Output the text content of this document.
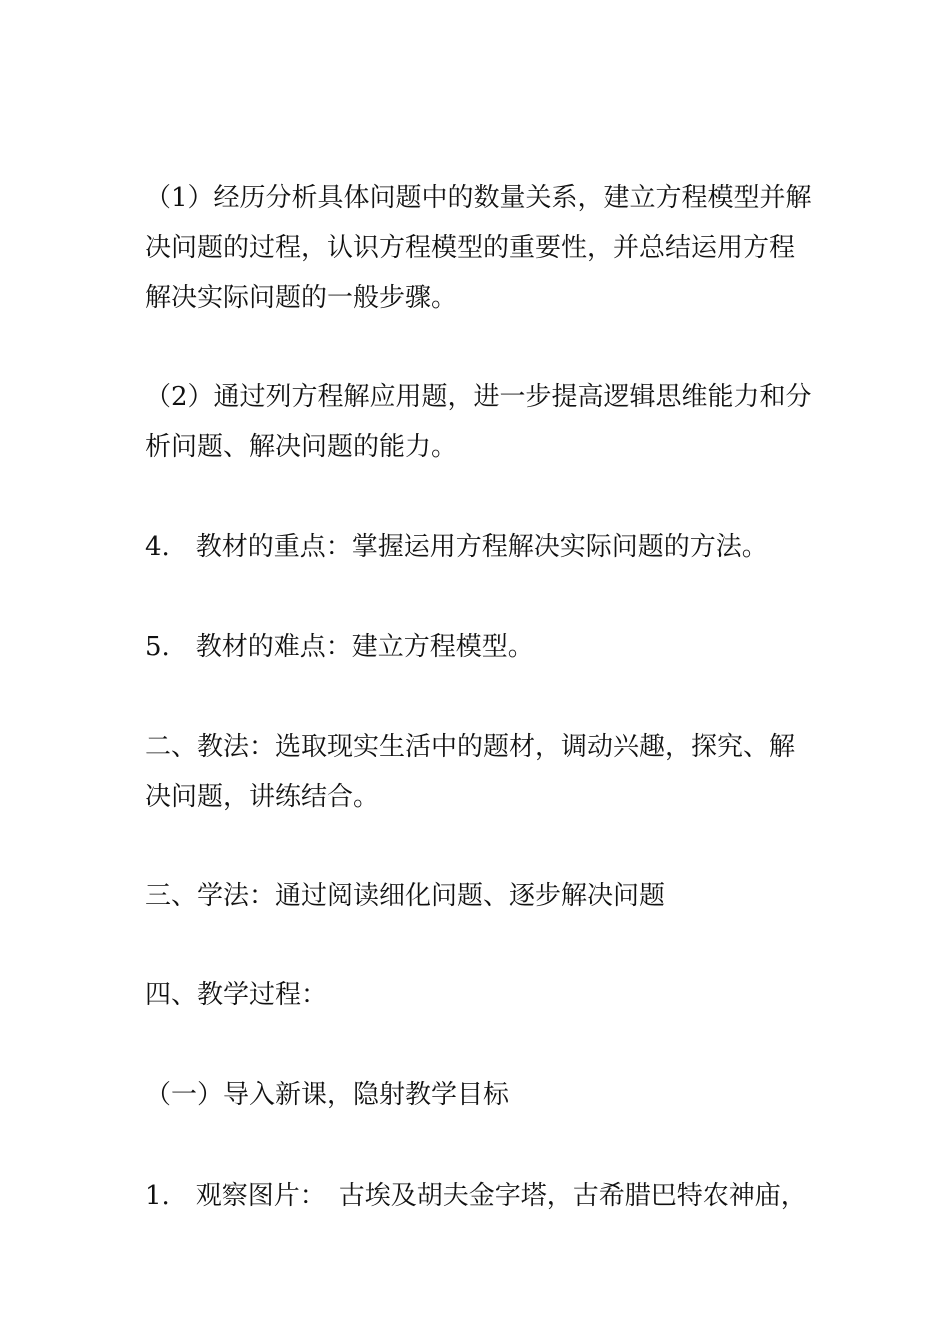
（1）经历分析具体问题中的数量关系，建立方程模型并解
决问题的过程，认识方程模型的重要性，并总结运用方程
解决实际问题的一般步骤。

（2）通过列方程解应用题，进一步提高逻辑思维能力和分
析问题、解决问题的能力。

4.　教材的重点：掌握运用方程解决实际问题的方法。

5.　教材的难点：建立方程模型。

二、教法：选取现实生活中的题材，调动兴趣，探究、解
决问题，讲练结合。

三、学法：通过阅读细化问题、逐步解决问题

四、教学过程：

（一）导入新课，隐射教学目标

1.　观察图片：　古埃及胡夫金字塔，古希腊巴特农神庙，
